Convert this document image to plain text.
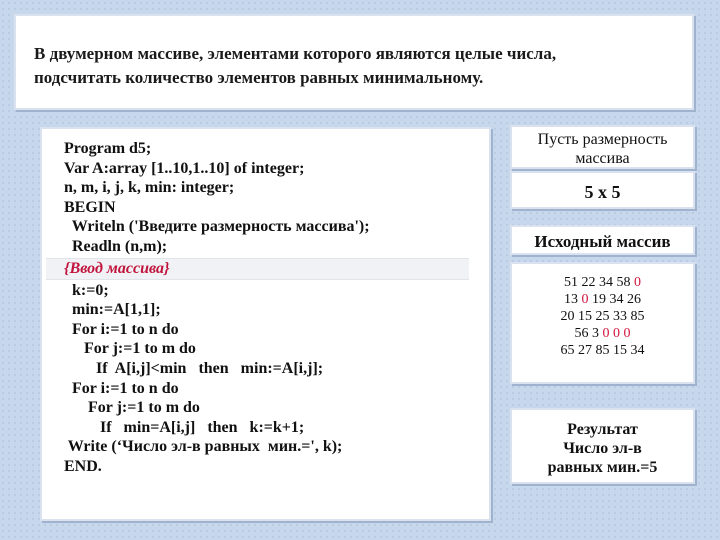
В двумерном массиве, элементами которого являются целые числа,
подсчитать количество элементов равных минимальному.
Program d5;
Var A:array [1..10,1..10] of integer;
n, m, i, j, k, min: integer;
BEGIN
Writeln ('Введите размерность массива');
Readln (n,m);
{Ввод массива}
k:=0;
min:=A[1,1];
For i:=1 to n do
For j:=1 to m do
If  A[i,j]<min   then   min:=A[i,j];
For i:=1 to n do
For j:=1 to m do
If   min=A[i,j]   then   k:=k+1;
Write (‘Число эл-в равных  мин.=', k);
END.
Пусть размерность
массива
5 х 5
Исходный массив
51 22 34 58 0
13 0 19 34 26
20 15 25 33 85
56 3 0 0 0
65 27 85 15 34
Результат
Число эл-в
равных мин.=5
